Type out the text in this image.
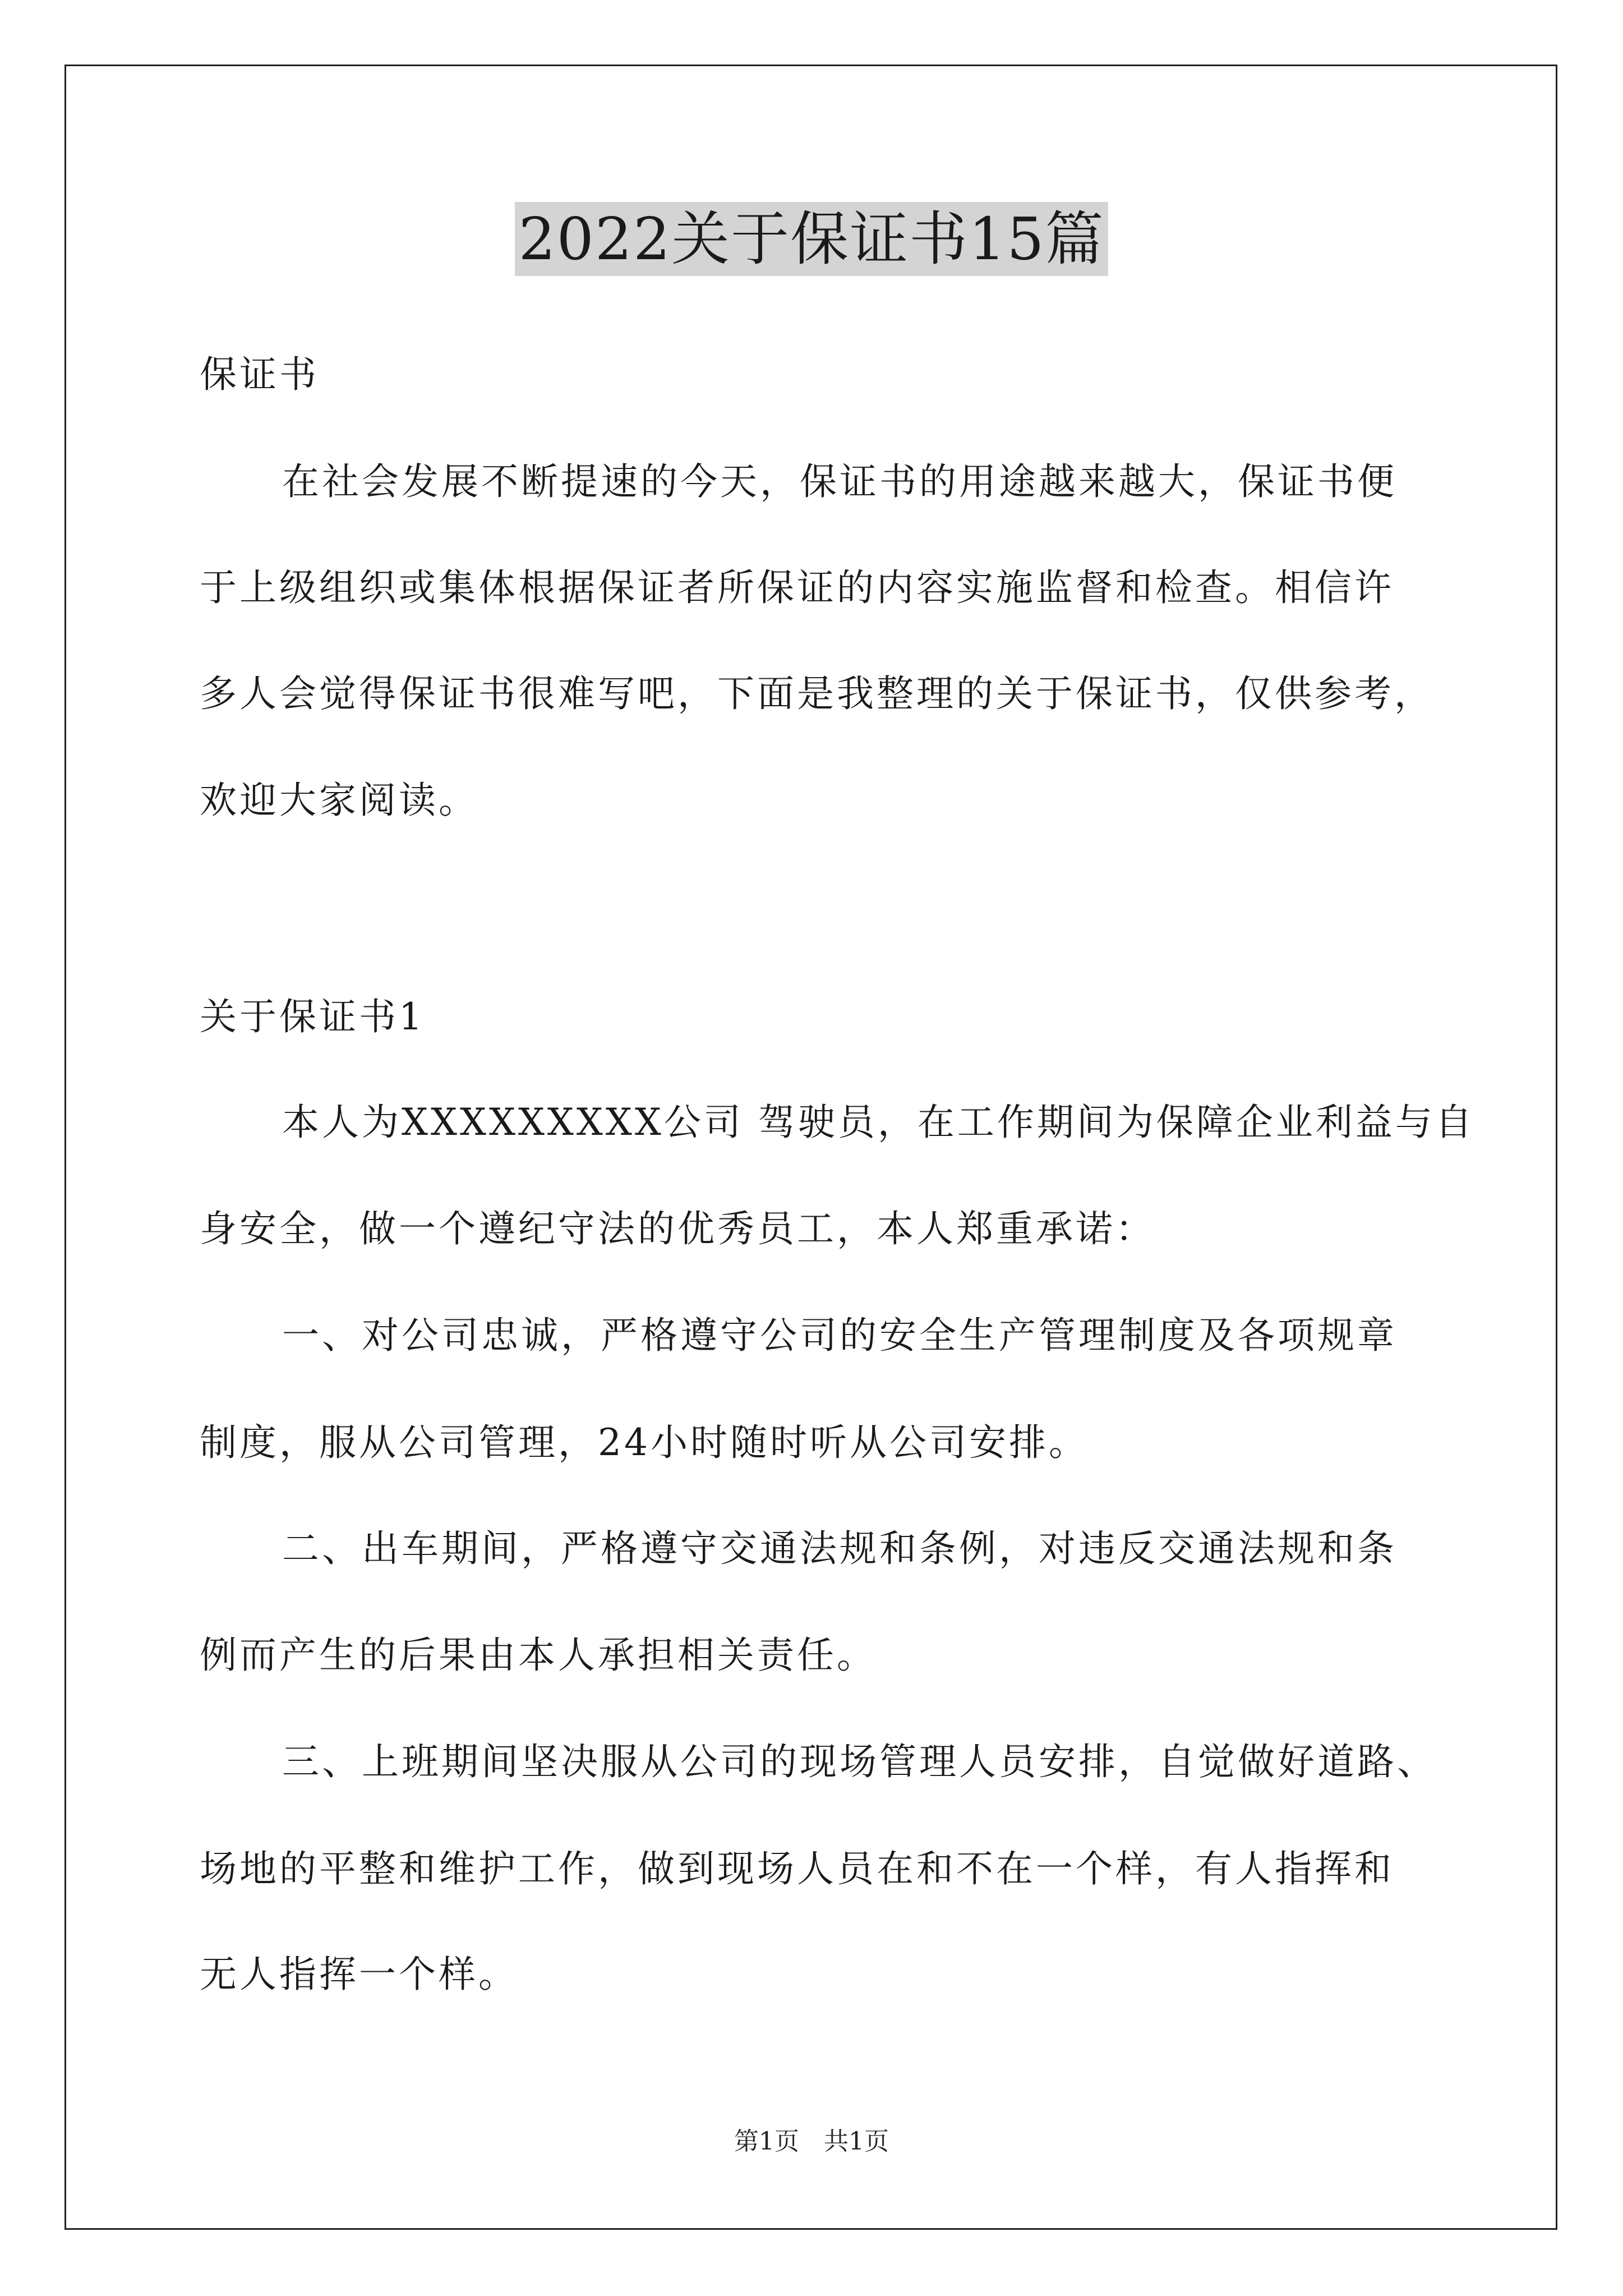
2022关于保证书15篇
保证书
在社会发展不断提速的今天，保证书的用途越来越大，保证书便
于上级组织或集体根据保证者所保证的内容实施监督和检查。相信许
多人会觉得保证书很难写吧，下面是我整理的关于保证书，仅供参考，
欢迎大家阅读。
关于保证书1
本人为XXXXXXXXX公司 驾驶员，在工作期间为保障企业利益与自
身安全，做一个遵纪守法的优秀员工，本人郑重承诺：
一、对公司忠诚，严格遵守公司的安全生产管理制度及各项规章
制度，服从公司管理，24小时随时听从公司安排。
二、出车期间，严格遵守交通法规和条例，对违反交通法规和条
例而产生的后果由本人承担相关责任。
三、上班期间坚决服从公司的现场管理人员安排，自觉做好道路、
场地的平整和维护工作，做到现场人员在和不在一个样，有人指挥和
无人指挥一个样。
第1页 共1页
